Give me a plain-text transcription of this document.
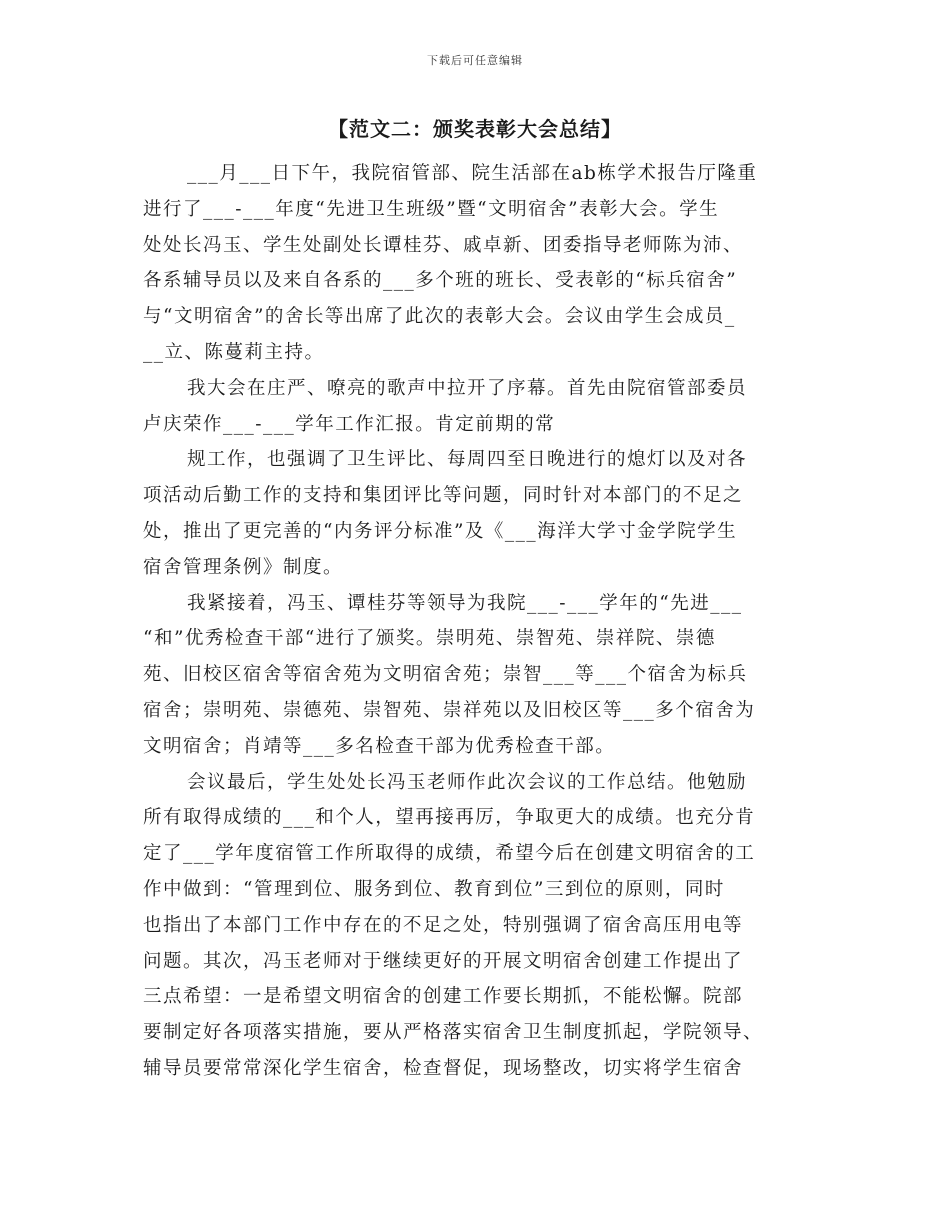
下载后可任意编辑
【范文二：颁奖表彰大会总结】
___月___日下午，我院宿管部、院生活部在ab栋学术报告厅隆重
进行了___-___年度“先进卫生班级”暨“文明宿舍”表彰大会。学生
处处长冯玉、学生处副处长谭桂芬、戚卓新、团委指导老师陈为沛、
各系辅导员以及来自各系的___多个班的班长、受表彰的“标兵宿舍”
与“文明宿舍”的舍长等出席了此次的表彰大会。会议由学生会成员_
__立、陈蔓莉主持。
我大会在庄严、嘹亮的歌声中拉开了序幕。首先由院宿管部委员
卢庆荣作___-___学年工作汇报。肯定前期的常
规工作，也强调了卫生评比、每周四至日晚进行的熄灯以及对各
项活动后勤工作的支持和集团评比等问题，同时针对本部门的不足之
处，推出了更完善的“内务评分标准”及《___海洋大学寸金学院学生
宿舍管理条例》制度。
我紧接着，冯玉、谭桂芬等领导为我院___-___学年的“先进___
“和”优秀检查干部“进行了颁奖。崇明苑、崇智苑、崇祥院、崇德
苑、旧校区宿舍等宿舍苑为文明宿舍苑；崇智___等___个宿舍为标兵
宿舍；崇明苑、崇德苑、崇智苑、崇祥苑以及旧校区等___多个宿舍为
文明宿舍；肖靖等___多名检查干部为优秀检查干部。
会议最后，学生处处长冯玉老师作此次会议的工作总结。他勉励
所有取得成绩的___和个人，望再接再厉，争取更大的成绩。也充分肯
定了___学年度宿管工作所取得的成绩，希望今后在创建文明宿舍的工
作中做到：“管理到位、服务到位、教育到位”三到位的原则，同时
也指出了本部门工作中存在的不足之处，特别强调了宿舍高压用电等
问题。其次，冯玉老师对于继续更好的开展文明宿舍创建工作提出了
三点希望：一是希望文明宿舍的创建工作要长期抓，不能松懈。院部
要制定好各项落实措施，要从严格落实宿舍卫生制度抓起，学院领导、
辅导员要常常深化学生宿舍，检查督促，现场整改，切实将学生宿舍
